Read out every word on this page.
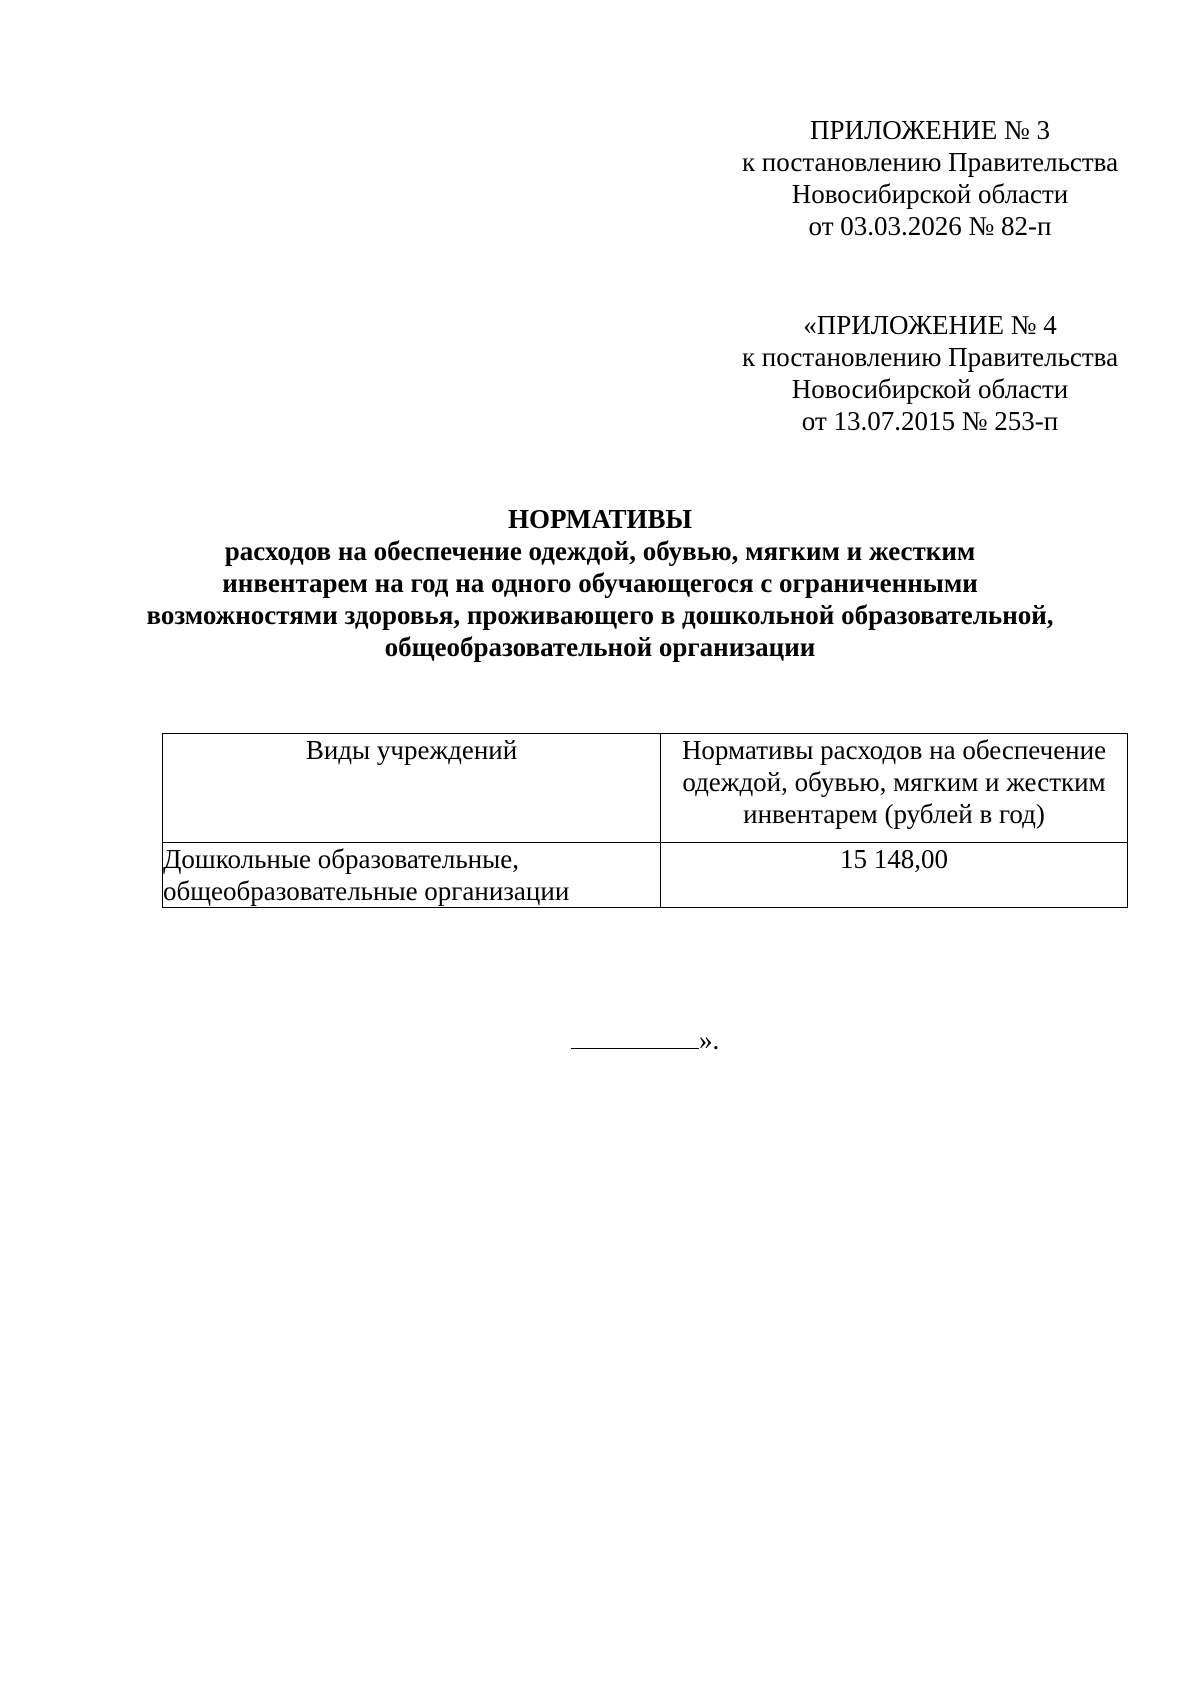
ПРИЛОЖЕНИЕ № 3
к постановлению Правительства
Новосибирской области
от 03.03.2026 № 82-п
«ПРИЛОЖЕНИЕ № 4
к постановлению Правительства
Новосибирской области
от 13.07.2015 № 253-п
НОРМАТИВЫ
расходов на обеспечение одеждой, обувью, мягким и жестким
инвентарем на год на одного обучающегося с ограниченными
возможностями здоровья, проживающего в дошкольной образовательной,
общеобразовательной организации
Виды учреждений	Нормативы расходов на обеспечение
одеждой, обувью, мягким и жестким
инвентарем (рублей в год)

Дошкольные образовательные,
общеобразовательные организации	15 148,00
».
